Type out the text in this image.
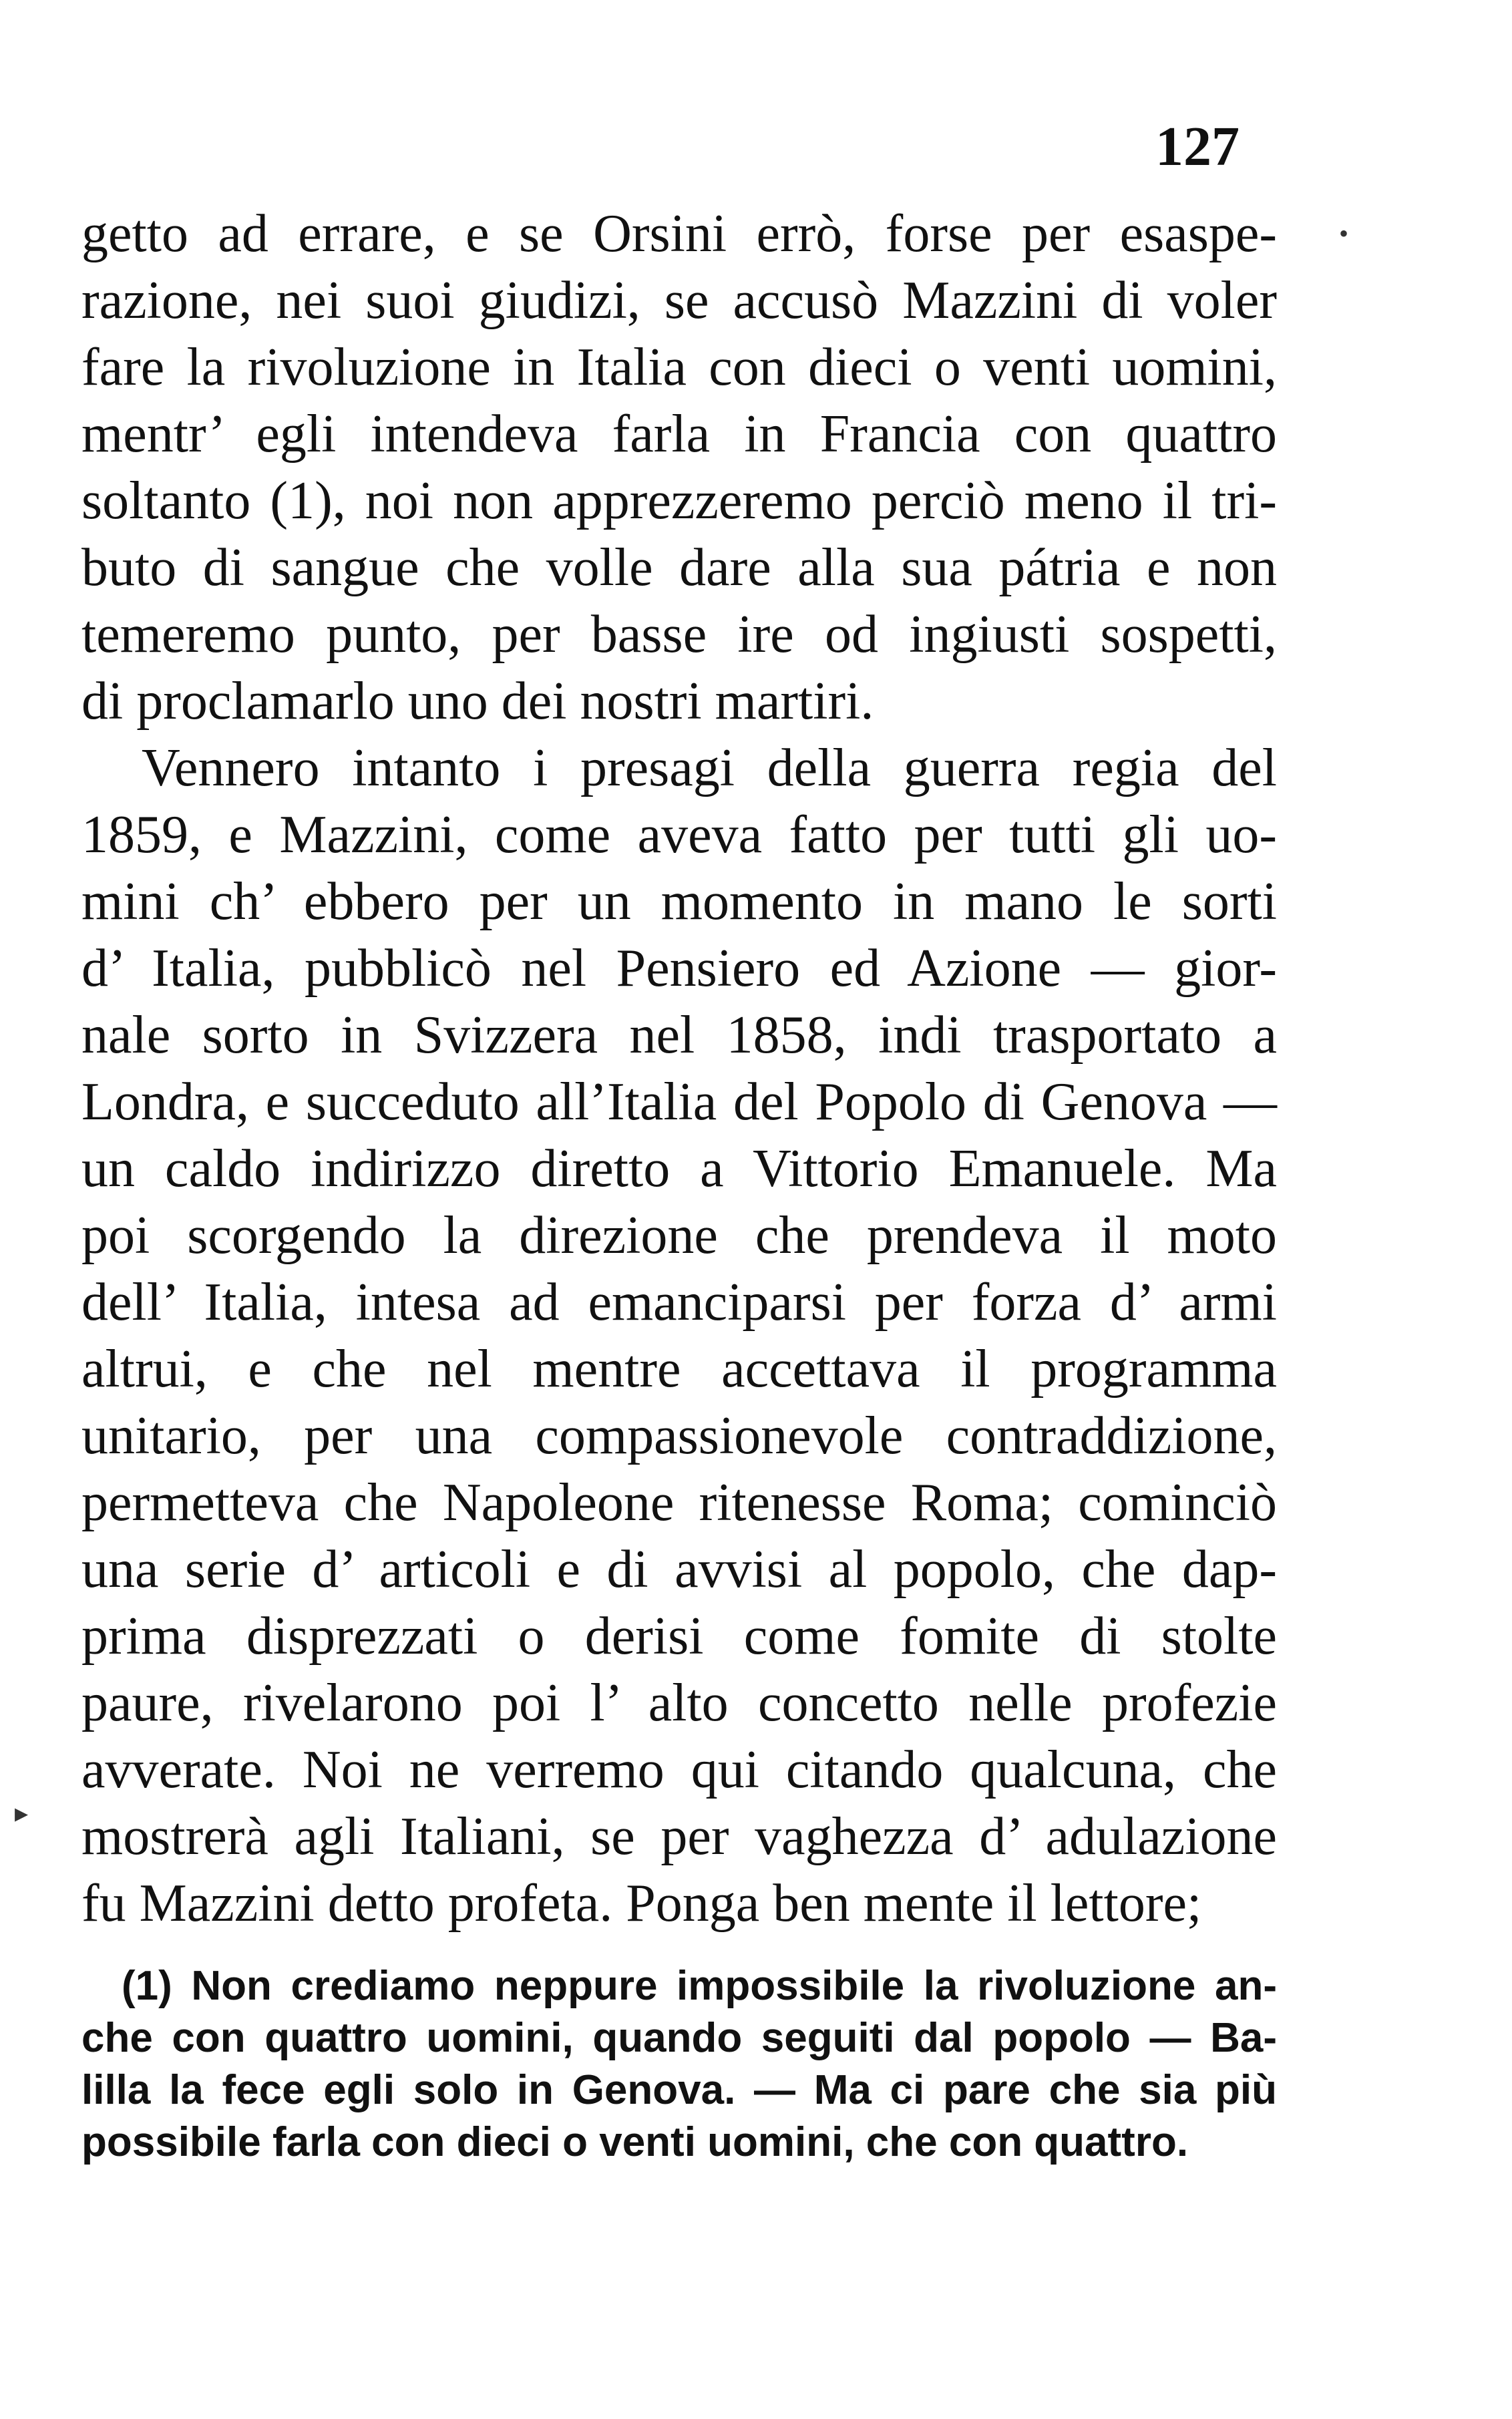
127
getto ad errare, e se Orsini errò, forse per esaspe-
razione, nei suoi giudizi, se accusò Mazzini di voler
fare la rivoluzione in Italia con dieci o venti uomini,
mentr’ egli intendeva farla in Francia con quattro
soltanto (1), noi non apprezzeremo perciò meno il tri-
buto di sangue che volle dare alla sua pátria e non
temeremo punto, per basse ire od ingiusti sospetti,
di proclamarlo uno dei nostri martiri.
Vennero intanto i presagi della guerra regia del
1859, e Mazzini, come aveva fatto per tutti gli uo-
mini ch’ ebbero per un momento in mano le sorti
d’ Italia, pubblicò nel Pensiero ed Azione — gior-
nale sorto in Svizzera nel 1858, indi trasportato a
Londra, e succeduto all’Italia del Popolo di Genova —
un caldo indirizzo diretto a Vittorio Emanuele. Ma
poi scorgendo la direzione che prendeva il moto
dell’ Italia, intesa ad emanciparsi per forza d’ armi
altrui, e che nel mentre accettava il programma
unitario, per una compassionevole contraddizione,
permetteva che Napoleone ritenesse Roma; cominciò
una serie d’ articoli e di avvisi al popolo, che dap-
prima disprezzati o derisi come fomite di stolte
paure, rivelarono poi l’ alto concetto nelle profezie
avverate. Noi ne verremo qui citando qualcuna, che
mostrerà agli Italiani, se per vaghezza d’ adulazione
fu Mazzini detto profeta. Ponga ben mente il lettore;
(1) Non crediamo neppure impossibile la rivoluzione an-
che con quattro uomini, quando seguiti dal popolo — Ba-
lilla la fece egli solo in Genova. — Ma ci pare che sia più
possibile farla con dieci o venti uomini, che con quattro.
▸
•
